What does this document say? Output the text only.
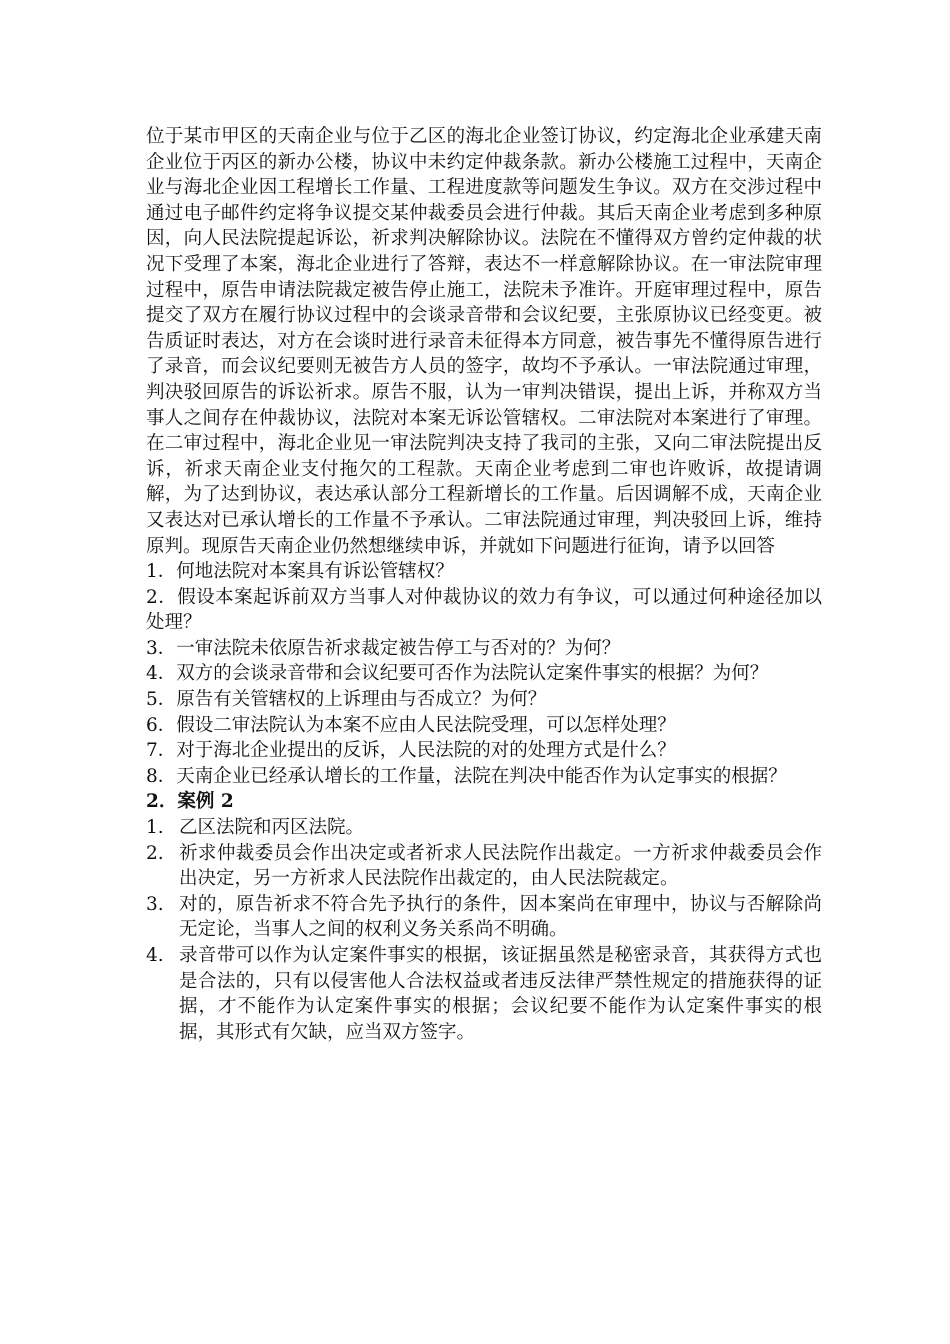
位于某市甲区的天南企业与位于乙区的海北企业签订协议，约定海北企业承建天南企业位于丙区的新办公楼，协议中未约定仲裁条款。新办公楼施工过程中，天南企业与海北企业因工程增长工作量、工程进度款等问题发生争议。双方在交涉过程中通过电子邮件约定将争议提交某仲裁委员会进行仲裁。其后天南企业考虑到多种原因，向人民法院提起诉讼，祈求判决解除协议。法院在不懂得双方曾约定仲裁的状况下受理了本案，海北企业进行了答辩，表达不一样意解除协议。在一审法院审理过程中，原告申请法院裁定被告停止施工，法院未予准许。开庭审理过程中，原告提交了双方在履行协议过程中的会谈录音带和会议纪要，主张原协议已经变更。被告质证时表达，对方在会谈时进行录音未征得本方同意，被告事先不懂得原告进行了录音，而会议纪要则无被告方人员的签字，故均不予承认。一审法院通过审理，判决驳回原告的诉讼祈求。原告不服，认为一审判决错误，提出上诉，并称双方当事人之间存在仲裁协议，法院对本案无诉讼管辖权。二审法院对本案进行了审理。在二审过程中，海北企业见一审法院判决支持了我司的主张，又向二审法院提出反诉，祈求天南企业支付拖欠的工程款。天南企业考虑到二审也许败诉，故提请调解，为了达到协议，表达承认部分工程新增长的工作量。后因调解不成，天南企业又表达对已承认增长的工作量不予承认。二审法院通过审理，判决驳回上诉，维持原判。现原告天南企业仍然想继续申诉，并就如下问题进行征询，请予以回答

1．何地法院对本案具有诉讼管辖权？

2．假设本案起诉前双方当事人对仲裁协议的效力有争议，可以通过何种途径加以处理？

3．一审法院未依原告祈求裁定被告停工与否对的？为何？

4．双方的会谈录音带和会议纪要可否作为法院认定案件事实的根据？为何？

5．原告有关管辖权的上诉理由与否成立？为何？

6．假设二审法院认为本案不应由人民法院受理，可以怎样处理？

7．对于海北企业提出的反诉，人民法院的对的处理方式是什么？

8．天南企业已经承认增长的工作量，法院在判决中能否作为认定事实的根据？

2．案例 2

1. 乙区法院和丙区法院。
2. 祈求仲裁委员会作出决定或者祈求人民法院作出裁定。一方祈求仲裁委员会作出决定，另一方祈求人民法院作出裁定的，由人民法院裁定。
3. 对的，原告祈求不符合先予执行的条件，因本案尚在审理中，协议与否解除尚无定论，当事人之间的权利义务关系尚不明确。
4. 录音带可以作为认定案件事实的根据，该证据虽然是秘密录音，其获得方式也是合法的，只有以侵害他人合法权益或者违反法律严禁性规定的措施获得的证据，才不能作为认定案件事实的根据；会议纪要不能作为认定案件事实的根据，其形式有欠缺，应当双方签字。
